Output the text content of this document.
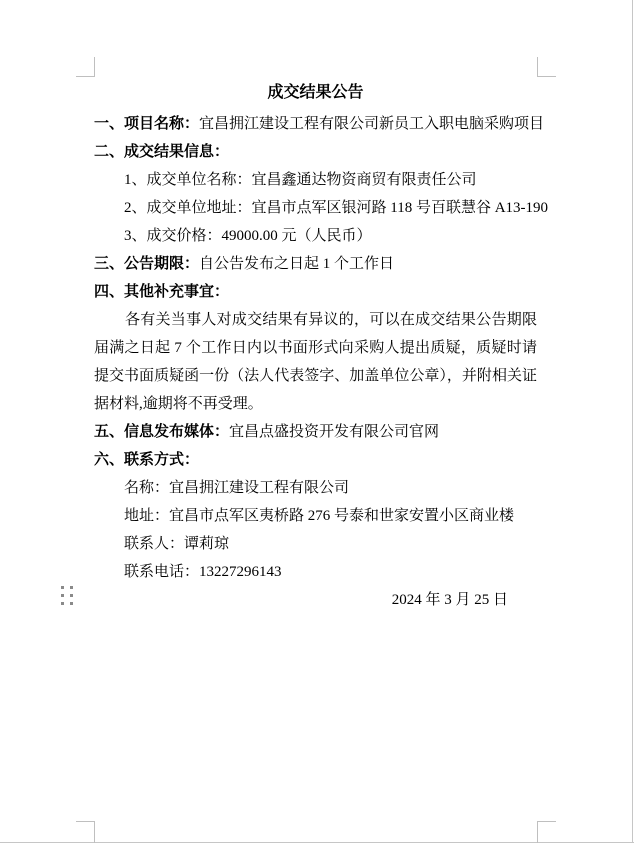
成交结果公告
一、项目名称：宜昌拥江建设工程有限公司新员工入职电脑采购项目
二、成交结果信息：
1、成交单位名称：宜昌鑫通达物资商贸有限责任公司
2、成交单位地址：宜昌市点军区银河路 118 号百联慧谷 A13-190
3、成交价格：49000.00 元（人民币）
三、公告期限：自公告发布之日起 1 个工作日
四、其他补充事宜：
各有关当事人对成交结果有异议的，可以在成交结果公告期限届满之日起 7 个工作日内以书面形式向采购人提出质疑，质疑时请提交书面质疑函一份（法人代表签字、加盖单位公章），并附相关证据材料,逾期将不再受理。
五、信息发布媒体：宜昌点盛投资开发有限公司官网
六、联系方式：
名称：宜昌拥江建设工程有限公司
地址：宜昌市点军区夷桥路 276 号泰和世家安置小区商业楼
联系人：谭莉琼
联系电话：13227296143
2024 年 3 月 25 日
